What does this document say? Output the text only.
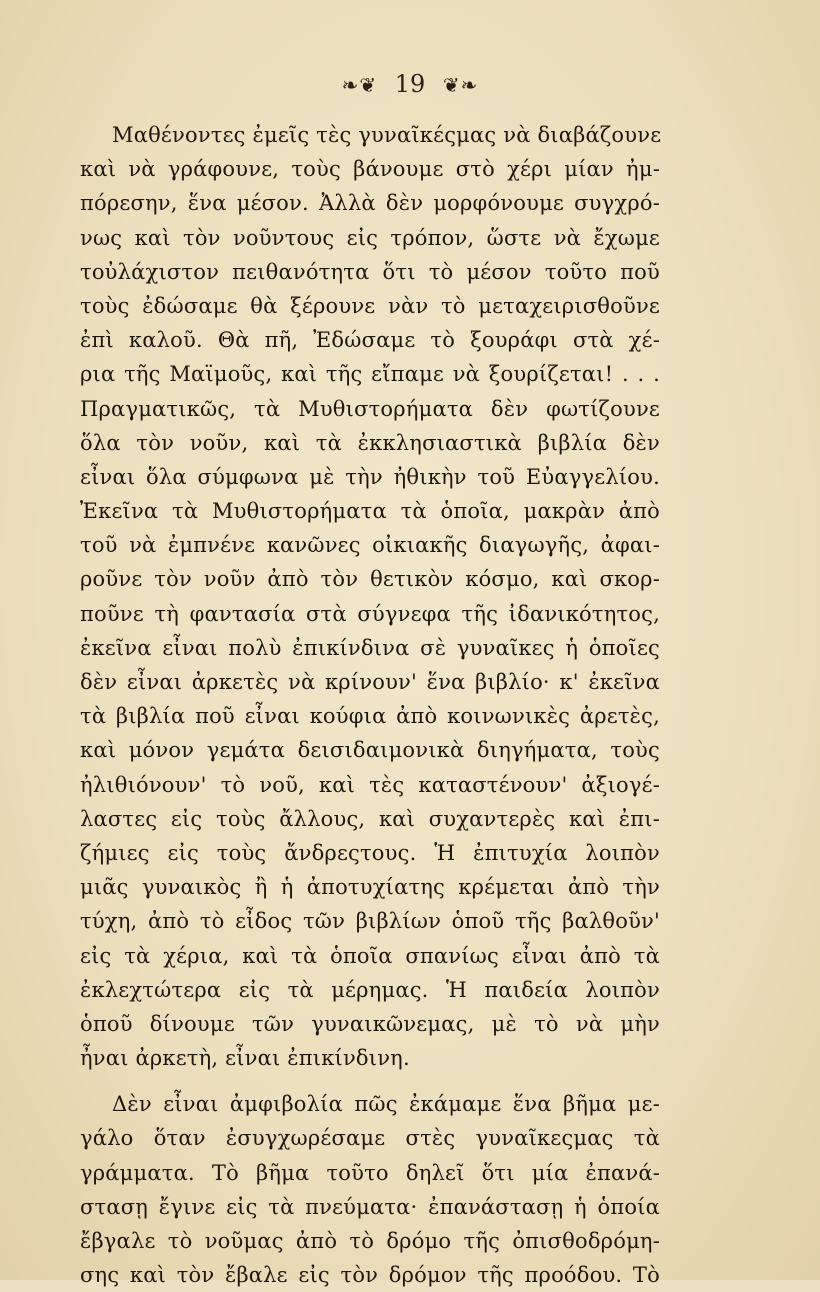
❧❦ 19 ❦❧
Μαθένοντες ἐμεῖς τὲς γυναῖκέςμας νὰ διαβάζουνε
καὶ νὰ γράφουνε, τοὺς βάνουμε στὸ χέρι μίαν ἠμ-
πόρεσην, ἕνα μέσον. Ἀλλὰ δὲν μορφόνουμε συγχρό-
νως καὶ τὸν νοῦντους εἰς τρόπον, ὥστε νὰ ἔχωμε
τοὐλάχιστον πειθανότητα ὅτι τὸ μέσον τοῦτο ποῦ
τοὺς ἐδώσαμε θὰ ξέρουνε νὰν τὸ μεταχειρισθοῦνε
ἐπὶ καλοῦ. Θὰ πῆ, Ἐδώσαμε τὸ ξουράφι στὰ χέ-
ρια τῆς Μαϊμοῦς, καὶ τῆς εἴπαμε νὰ ξουρίζεται! . . .
Πραγματικῶς, τὰ Μυθιστορήματα δὲν φωτίζουνε
ὅλα τὸν νοῦν, καὶ τὰ ἐκκλησιαστικὰ βιβλία δὲν
εἶναι ὅλα σύμφωνα μὲ τὴν ἠθικὴν τοῦ Εὐαγγελίου.
Ἐκεῖνα τὰ Μυθιστορήματα τὰ ὁποῖα, μακρὰν ἀπὸ
τοῦ νὰ ἐμπνένε κανῶνες οἰκιακῆς διαγωγῆς, ἀφαι-
ροῦνε τὸν νοῦν ἀπὸ τὸν θετικὸν κόσμο, καὶ σκορ-
ποῦνε τὴ φαντασία στὰ σύγνεφα τῆς ἰδανικότητος,
ἐκεῖνα εἶναι πολὺ ἐπικίνδινα σὲ γυναῖκες ἡ ὁποῖες
δὲν εἶναι ἀρκετὲς νὰ κρίνουν' ἕνα βιβλίο· κ' ἐκεῖνα
τὰ βιβλία ποῦ εἶναι κούφια ἀπὸ κοινωνικὲς ἀρετὲς,
καὶ μόνον γεμάτα δεισιδαιμονικὰ διηγήματα, τοὺς
ἠλιθιόνουν' τὸ νοῦ, καὶ τὲς καταστένουν' ἀξιογέ-
λαστες εἰς τοὺς ἄλλους, καὶ συχαντερὲς καὶ ἐπι-
ζήμιες εἰς τοὺς ἄνδρεςτους. Ἡ ἐπιτυχία λοιπὸν
μιᾶς γυναικὸς ἢ ἡ ἀποτυχίατης κρέμεται ἀπὸ τὴν
τύχη, ἀπὸ τὸ εἶδος τῶν βιβλίων ὁποῦ τῆς βαλθοῦν'
εἰς τὰ χέρια, καὶ τὰ ὁποῖα σπανίως εἶναι ἀπὸ τὰ
ἐκλεχτώτερα εἰς τὰ μέρημας. Ἡ παιδεία λοιπὸν
ὁποῦ δίνουμε τῶν γυναικῶνεμας, μὲ τὸ νὰ μὴν
ἦναι ἀρκετὴ, εἶναι ἐπικίνδινη.
Δὲν εἶναι ἀμφιβολία πῶς ἐκάμαμε ἕνα βῆμα με-
γάλο ὅταν ἐσυγχωρέσαμε στὲς γυναῖκεςμας τὰ
γράμματα. Τὸ βῆμα τοῦτο δηλεῖ ὅτι μία ἐπανά-
στασῃ ἔγινε εἰς τὰ πνεύματα· ἐπανάστασῃ ἡ ὁποία
ἔβγαλε τὸ νοῦμας ἀπὸ τὸ δρόμο τῆς ὀπισθοδρόμη-
σης καὶ τὸν ἔβαλε εἰς τὸν δρόμον τῆς προόδου. Τὸ
